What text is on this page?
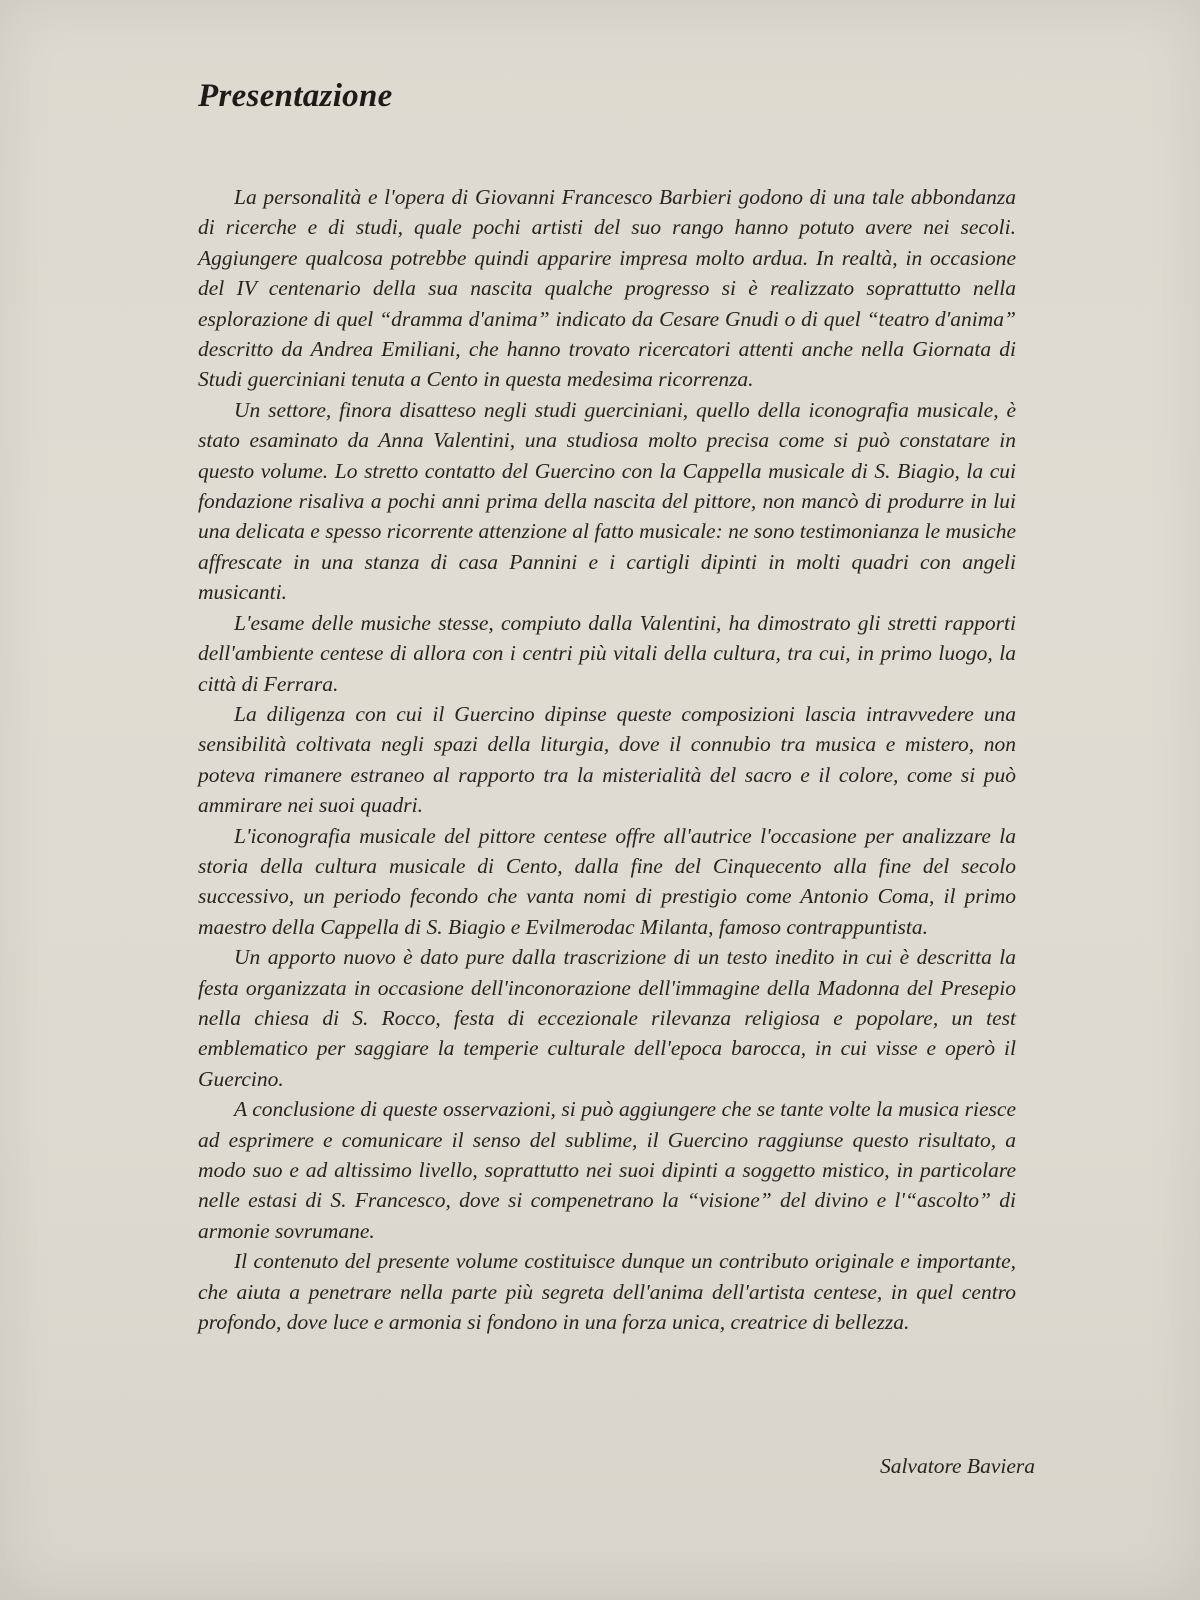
Presentazione

La personalità e l'opera di Giovanni Francesco Barbieri godono di una tale abbondanza di ricerche e di studi, quale pochi artisti del suo rango hanno potuto avere nei secoli. Aggiungere qualcosa potrebbe quindi apparire impresa molto ardua. In realtà, in occasione del IV centenario della sua nascita qualche progresso si è realizzato soprattutto nella esplorazione di quel “dramma d'anima” indicato da Cesare Gnudi o di quel “teatro d'anima” descritto da Andrea Emiliani, che hanno trovato ricercatori attenti anche nella Giornata di Studi guerciniani tenuta a Cento in questa medesima ricorrenza.

Un settore, finora disatteso negli studi guerciniani, quello della iconografia musicale, è stato esaminato da Anna Valentini, una studiosa molto precisa come si può constatare in questo volume. Lo stretto contatto del Guercino con la Cappella musicale di S. Biagio, la cui fondazione risaliva a pochi anni prima della nascita del pittore, non mancò di produrre in lui una delicata e spesso ricorrente attenzione al fatto musicale: ne sono testimonianza le musiche affrescate in una stanza di casa Pannini e i cartigli dipinti in molti quadri con angeli musicanti.

L'esame delle musiche stesse, compiuto dalla Valentini, ha dimostrato gli stretti rapporti dell'ambiente centese di allora con i centri più vitali della cultura, tra cui, in primo luogo, la città di Ferrara.

La diligenza con cui il Guercino dipinse queste composizioni lascia intravvedere una sensibilità coltivata negli spazi della liturgia, dove il connubio tra musica e mistero, non poteva rimanere estraneo al rapporto tra la misterialità del sacro e il colore, come si può ammirare nei suoi quadri.

L'iconografia musicale del pittore centese offre all'autrice l'occasione per analizzare la storia della cultura musicale di Cento, dalla fine del Cinquecento alla fine del secolo successivo, un periodo fecondo che vanta nomi di prestigio come Antonio Coma, il primo maestro della Cappella di S. Biagio e Evilmerodac Milanta, famoso contrappuntista.

Un apporto nuovo è dato pure dalla trascrizione di un testo inedito in cui è descritta la festa organizzata in occasione dell'inconorazione dell'immagine della Madonna del Presepio nella chiesa di S. Rocco, festa di eccezionale rilevanza religiosa e popolare, un test emblematico per saggiare la temperie culturale dell'epoca barocca, in cui visse e operò il Guercino.

A conclusione di queste osservazioni, si può aggiungere che se tante volte la musica riesce ad esprimere e comunicare il senso del sublime, il Guercino raggiunse questo risultato, a modo suo e ad altissimo livello, soprattutto nei suoi dipinti a soggetto mistico, in particolare nelle estasi di S. Francesco, dove si compenetrano la “visione” del divino e l'“ascolto” di armonie sovrumane.

Il contenuto del presente volume costituisce dunque un contributo originale e importante, che aiuta a penetrare nella parte più segreta dell'anima dell'artista centese, in quel centro profondo, dove luce e armonia si fondono in una forza unica, creatrice di bellezza.

Salvatore Baviera
